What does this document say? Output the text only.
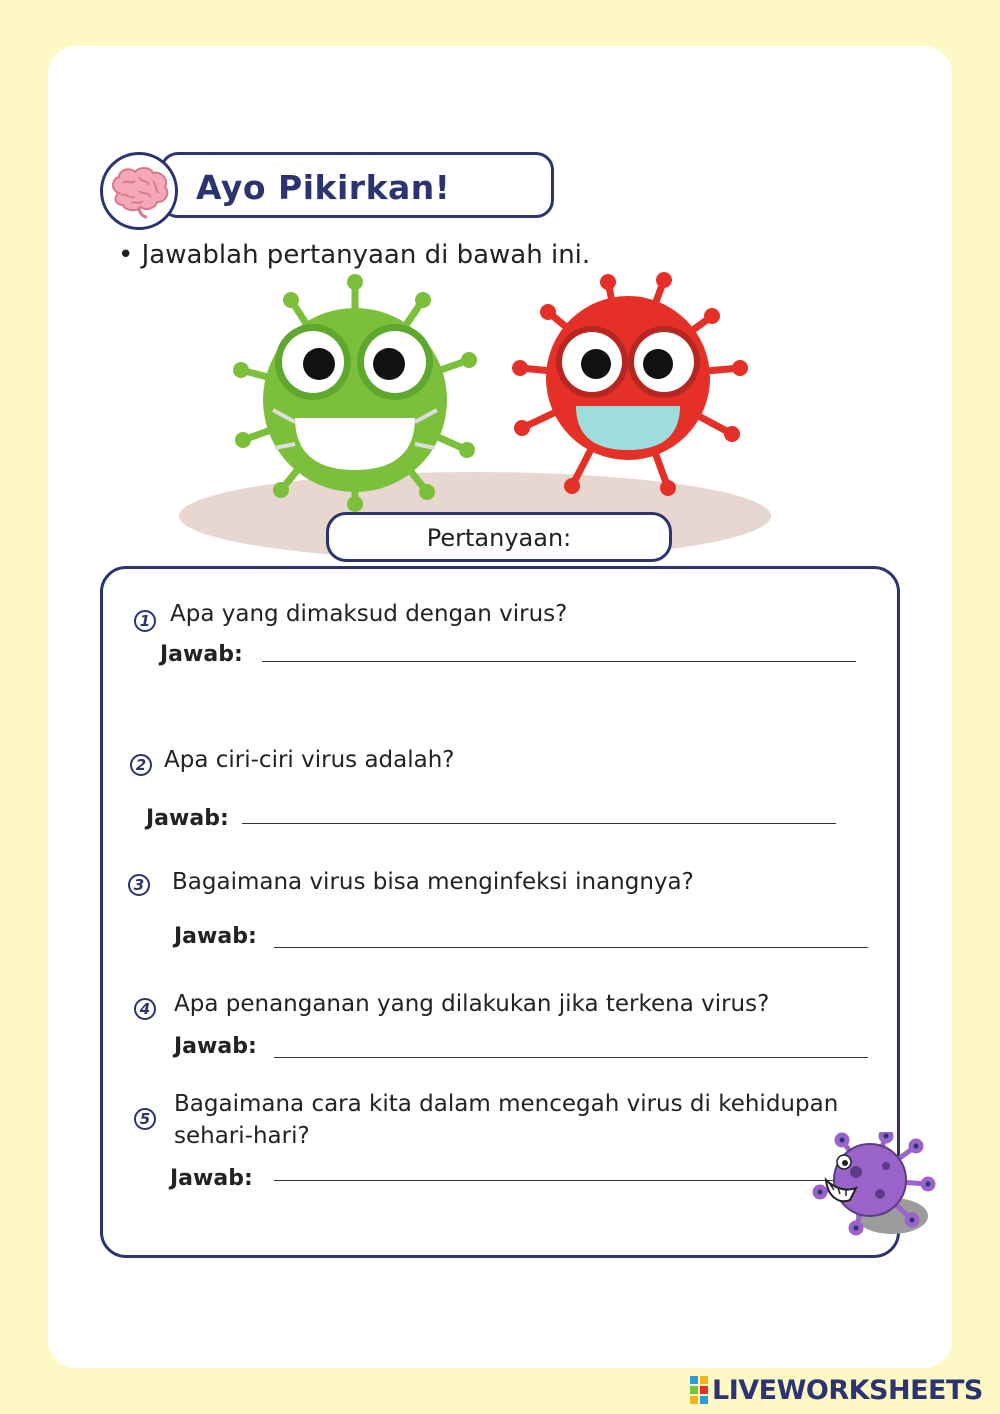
Ayo Pikirkan!
• Jawablah pertanyaan di bawah ini.
Pertanyaan:
1 Apa yang dimaksud dengan virus?
Jawab:
2 Apa ciri-ciri virus adalah?
Jawab:
3 Bagaimana virus bisa menginfeksi inangnya?
Jawab:
4 Apa penanganan yang dilakukan jika terkena virus?
Jawab:
5
Bagaimana cara kita dalam mencegah virus di kehidupan
sehari-hari?
Jawab:
LIVEWORKSHEETS
